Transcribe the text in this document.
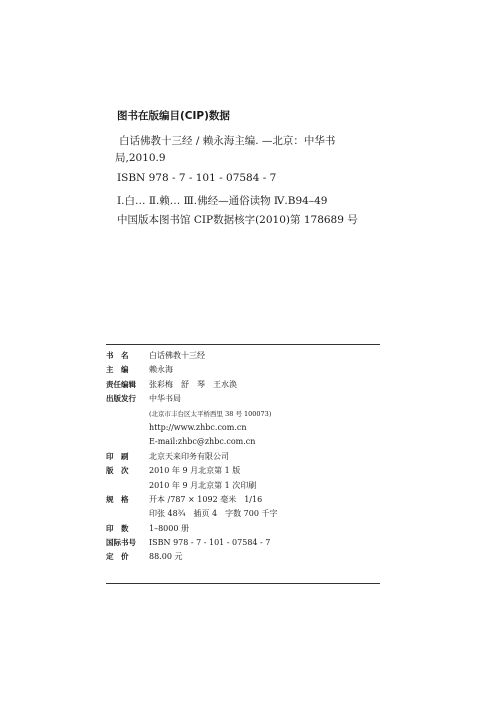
图书在版编目(CIP)数据
白话佛教十三经 / 赖永海主编. —北京：中华书
局,2010.9
ISBN 978 - 7 - 101 - 07584 - 7
Ⅰ.白… Ⅱ.赖… Ⅲ.佛经—通俗读物 Ⅳ.B94–49
中国版本图书馆 CIP数据核字(2010)第 178689 号
书　名	白话佛教十三经
主　编	赖永海
责任编辑	张彩梅　舒　琴　王水涣
出版发行	中华书局
(北京市丰台区太平桥西里 38 号 100073)
http://www.zhbc.com.cn
E-mail:zhbc@zhbc.com.cn
印　刷	北京天来印务有限公司
版　次	2010 年 9 月北京第 1 版
2010 年 9 月北京第 1 次印刷
规　格	开本 /787 × 1092 毫米　1/16
印张 48¾　插页 4　字数 700 千字
印　数	1–8000 册
国际书号	ISBN 978 - 7 - 101 - 07584 - 7
定　价	88.00 元
